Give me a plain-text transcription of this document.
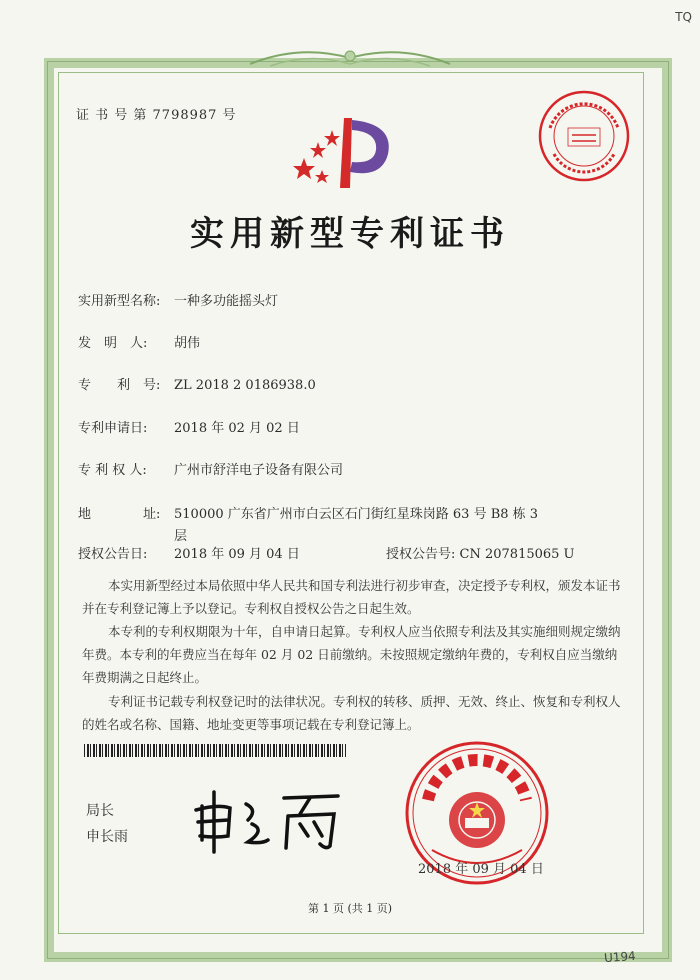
TQ
证 书 号 第 7798987 号
实用新型专利证书
实用新型名称: 一种多功能摇头灯
发　明　人: 胡伟
专　　利　号: ZL 2018 2 0186938.0
专利申请日: 2018 年 02 月 02 日
专 利 权 人: 广州市舒洋电子设备有限公司
地　　　　址:	510000 广东省广州市白云区石门街红星珠岗路 63 号 B8 栋 3 层
授权公告日: 2018 年 09 月 04 日	授权公告号: CN 207815065 U
本实用新型经过本局依照中华人民共和国专利法进行初步审查，决定授予专利权，颁发本证书并在专利登记簿上予以登记。专利权自授权公告之日起生效。
本专利的专利权期限为十年，自申请日起算。专利权人应当依照专利法及其实施细则规定缴纳年费。本专利的年费应当在每年 02 月 02 日前缴纳。未按照规定缴纳年费的，专利权自应当缴纳年费期满之日起终止。
专利证书记载专利权登记时的法律状况。专利权的转移、质押、无效、终止、恢复和专利权人的姓名或名称、国籍、地址变更等事项记载在专利登记簿上。
局长
申长雨
2018 年 09 月 04 日
第 1 页 (共 1 页)
U194
